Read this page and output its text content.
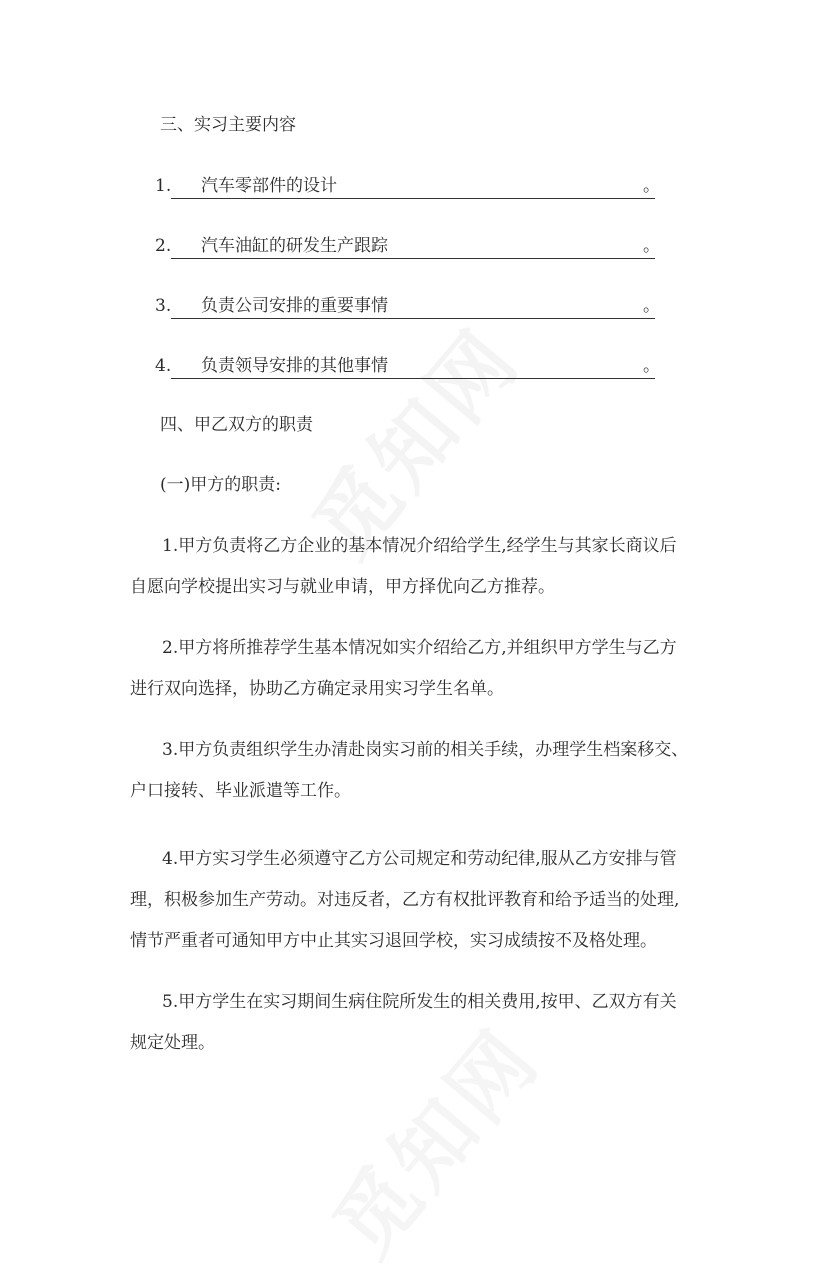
三、实习主要内容
1. 汽车零部件的设计	。
2. 汽车油缸的研发生产跟踪	。
3. 负责公司安排的重要事情	。
4. 负责领导安排的其他事情	。
四、甲乙双方的职责
(一)甲方的职责:
1.甲方负责将乙方企业的基本情况介绍给学生,经学生与其家长商议后
自愿向学校提出实习与就业申请，甲方择优向乙方推荐。
2.甲方将所推荐学生基本情况如实介绍给乙方,并组织甲方学生与乙方
进行双向选择，协助乙方确定录用实习学生名单。
3.甲方负责组织学生办清赴岗实习前的相关手续，办理学生档案移交、
户口接转、毕业派遣等工作。
4.甲方实习学生必须遵守乙方公司规定和劳动纪律,服从乙方安排与管
理，积极参加生产劳动。对违反者，乙方有权批评教育和给予适当的处理,
情节严重者可通知甲方中止其实习退回学校，实习成绩按不及格处理。
5.甲方学生在实习期间生病住院所发生的相关费用,按甲、乙双方有关
规定处理。
